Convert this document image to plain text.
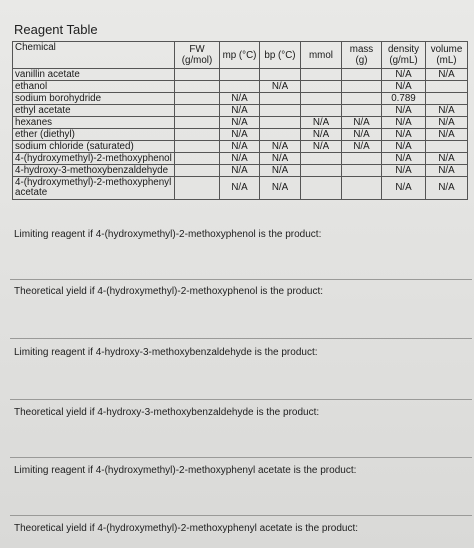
Reagent Table
Chemical	FW (g/mol)	mp (°C)	bp (°C)	mmol	mass (g)	density (g/mL)	volume (mL)
vanillin acetate						N/A	N/A
ethanol			N/A			N/A	
sodium borohydride		N/A				0.789	
ethyl acetate		N/A				N/A	N/A
hexanes		N/A		N/A	N/A	N/A	N/A
ether (diethyl)		N/A		N/A	N/A	N/A	N/A
sodium chloride (saturated)		N/A	N/A	N/A	N/A	N/A	
4-(hydroxymethyl)-2-methoxyphenol		N/A	N/A			N/A	N/A
4-hydroxy-3-methoxybenzaldehyde		N/A	N/A			N/A	N/A
4-(hydroxymethyl)-2-methoxyphenyl acetate		N/A	N/A			N/A	N/A
Limiting reagent if 4-(hydroxymethyl)-2-methoxyphenol is the product:
Theoretical yield if 4-(hydroxymethyl)-2-methoxyphenol is the product:
Limiting reagent if 4-hydroxy-3-methoxybenzaldehyde is the product:
Theoretical yield if 4-hydroxy-3-methoxybenzaldehyde is the product:
Limiting reagent if 4-(hydroxymethyl)-2-methoxyphenyl acetate is the product:
Theoretical yield if 4-(hydroxymethyl)-2-methoxyphenyl acetate is the product:
